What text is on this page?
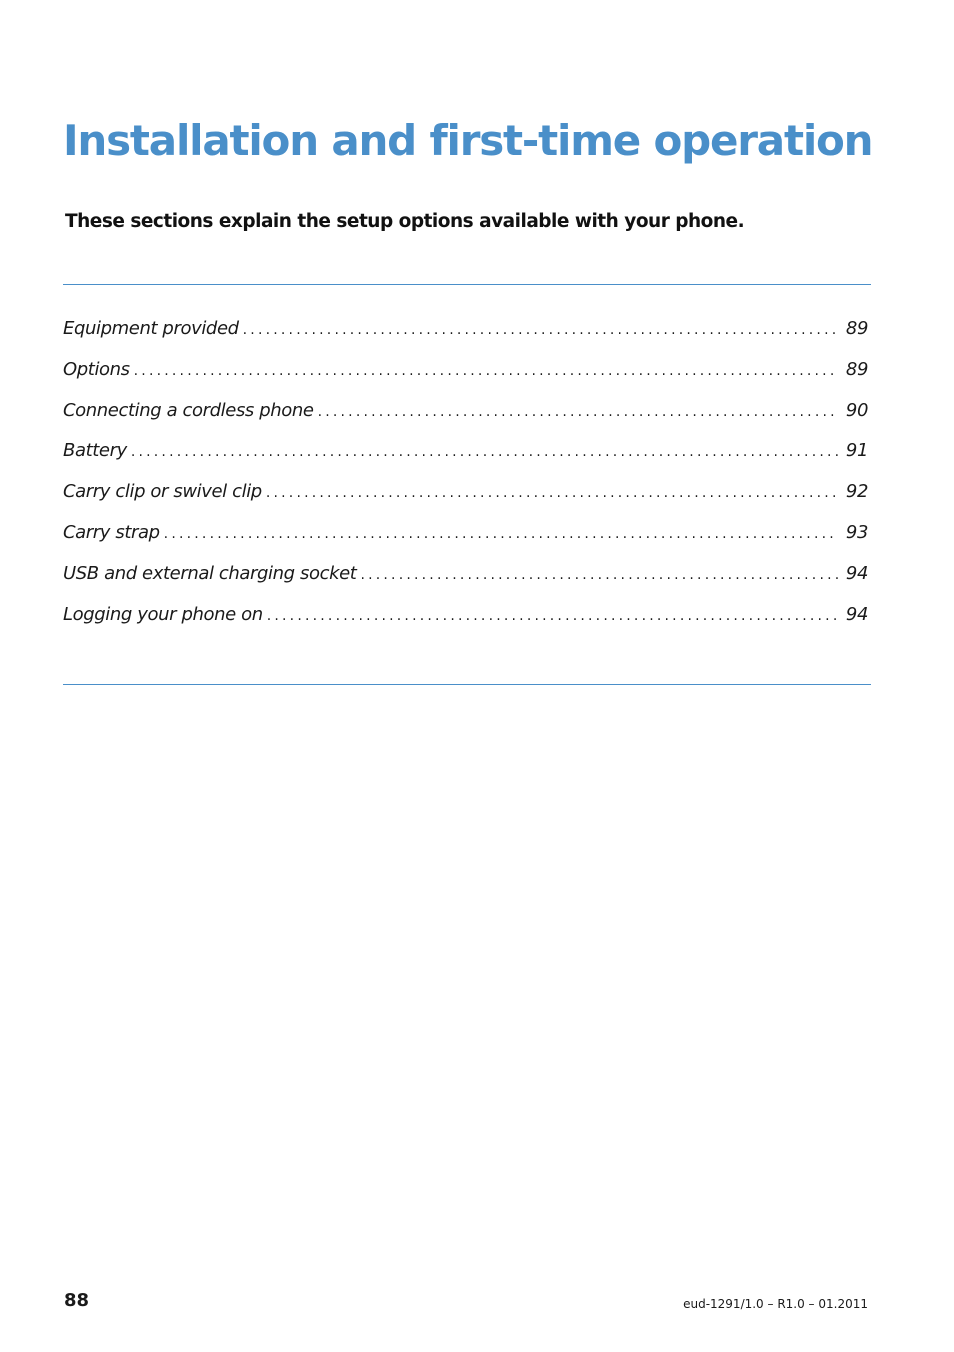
Installation and first-time operation

These sections explain the setup options available with your phone.

Equipment provided .....	89
Options .....	89
Connecting a cordless phone .....	90
Battery .....	91
Carry clip or swivel clip .....	92
Carry strap .....	93
USB and external charging socket .....	94
Logging your phone on .....	94

88	eud-1291/1.0 – R1.0 – 01.2011
